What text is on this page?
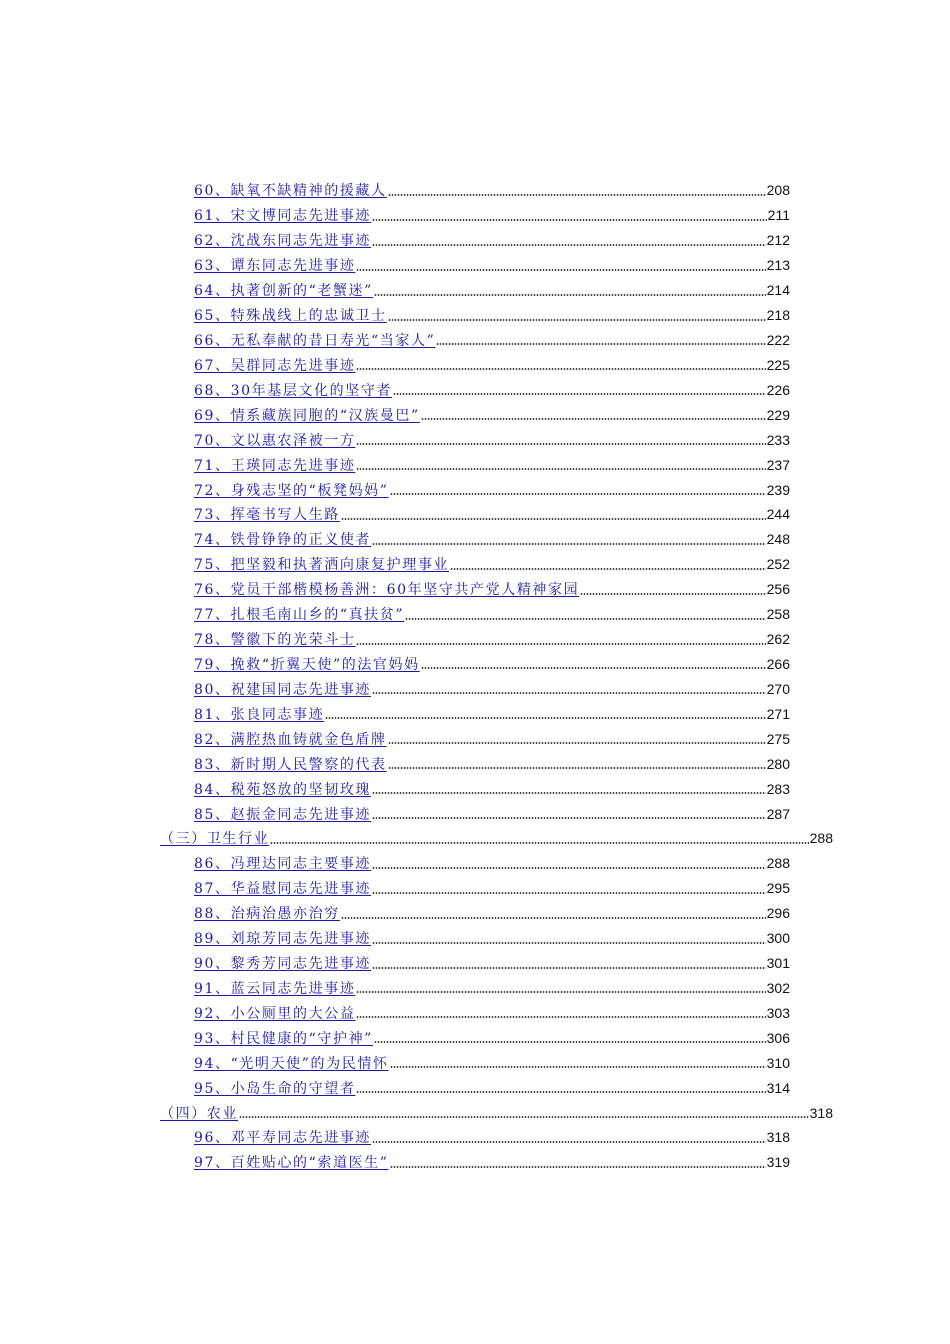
60、缺氧不缺精神的援藏人	208
61、宋文博同志先进事迹	211
62、沈战东同志先进事迹	212
63、谭东同志先进事迹	213
64、执著创新的“老蟹迷”	214
65、特殊战线上的忠诚卫士	218
66、无私奉献的昔日寿光“当家人”	222
67、吴群同志先进事迹	225
68、30年基层文化的坚守者	226
69、情系藏族同胞的“汉族曼巴”	229
70、文以惠农泽被一方	233
71、王瑛同志先进事迹	237
72、身残志坚的“板凳妈妈”	239
73、挥毫书写人生路	244
74、铁骨铮铮的正义使者	248
75、把坚毅和执著洒向康复护理事业	252
76、党员干部楷模杨善洲：60年坚守共产党人精神家园	256
77、扎根毛南山乡的“真扶贫”	258
78、警徽下的光荣斗士	262
79、挽救“折翼天使”的法官妈妈	266
80、祝建国同志先进事迹	270
81、张良同志事迹	271
82、满腔热血铸就金色盾牌	275
83、新时期人民警察的代表	280
84、税苑怒放的坚韧玫瑰	283
85、赵振金同志先进事迹	287
（三）卫生行业	288
86、冯理达同志主要事迹	288
87、华益慰同志先进事迹	295
88、治病治愚亦治穷	296
89、刘琼芳同志先进事迹	300
90、黎秀芳同志先进事迹	301
91、蓝云同志先进事迹	302
92、小公厕里的大公益	303
93、村民健康的“守护神”	306
94、“光明天使”的为民情怀	310
95、小岛生命的守望者	314
（四）农业	318
96、邓平寿同志先进事迹	318
97、百姓贴心的“索道医生”	319
